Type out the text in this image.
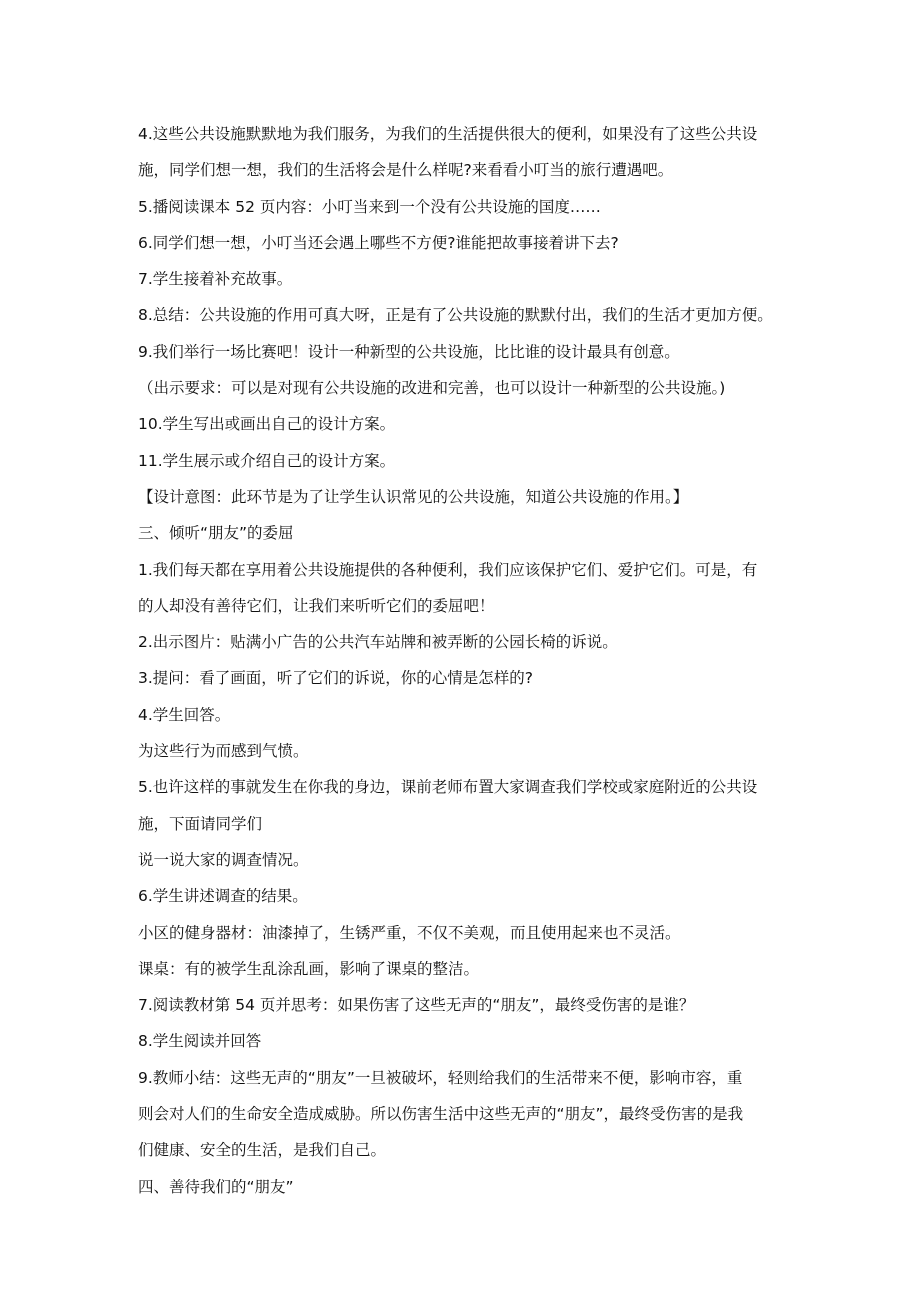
4.这些公共设施默默地为我们服务，为我们的生活提供很大的便利，如果没有了这些公共设
施，同学们想一想，我们的生活将会是什么样呢?来看看小叮当的旅行遭遇吧。
5.播阅读课本 52 页内容：小叮当来到一个没有公共设施的国度……
6.同学们想一想，小叮当还会遇上哪些不方便?谁能把故事接着讲下去?
7.学生接着补充故事。
8.总结：公共设施的作用可真大呀，正是有了公共设施的默默付出，我们的生活才更加方便。
9.我们举行一场比赛吧！设计一种新型的公共设施，比比谁的设计最具有创意。
（出示要求：可以是对现有公共设施的改进和完善，也可以设计一种新型的公共设施。)
10.学生写出或画出自己的设计方案。
11.学生展示或介绍自己的设计方案。
【设计意图：此环节是为了让学生认识常见的公共设施，知道公共设施的作用。】
三、倾听“朋友”的委屈
1.我们每天都在享用着公共设施提供的各种便利，我们应该保护它们、爱护它们。可是，有
的人却没有善待它们，让我们来听听它们的委屈吧！
2.出示图片：贴满小广告的公共汽车站牌和被弄断的公园长椅的诉说。
3.提问：看了画面，听了它们的诉说，你的心情是怎样的?
4.学生回答。
为这些行为而感到气愤。
5.也许这样的事就发生在你我的身边，课前老师布置大家调查我们学校或家庭附近的公共设
施，下面请同学们
说一说大家的调查情况。
6.学生讲述调查的结果。
小区的健身器材：油漆掉了，生锈严重，不仅不美观，而且使用起来也不灵活。
课桌：有的被学生乱涂乱画，影响了课桌的整洁。
7.阅读教材第 54 页并思考：如果伤害了这些无声的“朋友”，最终受伤害的是谁？
8.学生阅读并回答
9.教师小结：这些无声的“朋友”一旦被破坏，轻则给我们的生活带来不便，影响市容，重
则会对人们的生命安全造成威胁。所以伤害生活中这些无声的“朋友”，最终受伤害的是我
们健康、安全的生活，是我们自己。
四、善待我们的“朋友”
